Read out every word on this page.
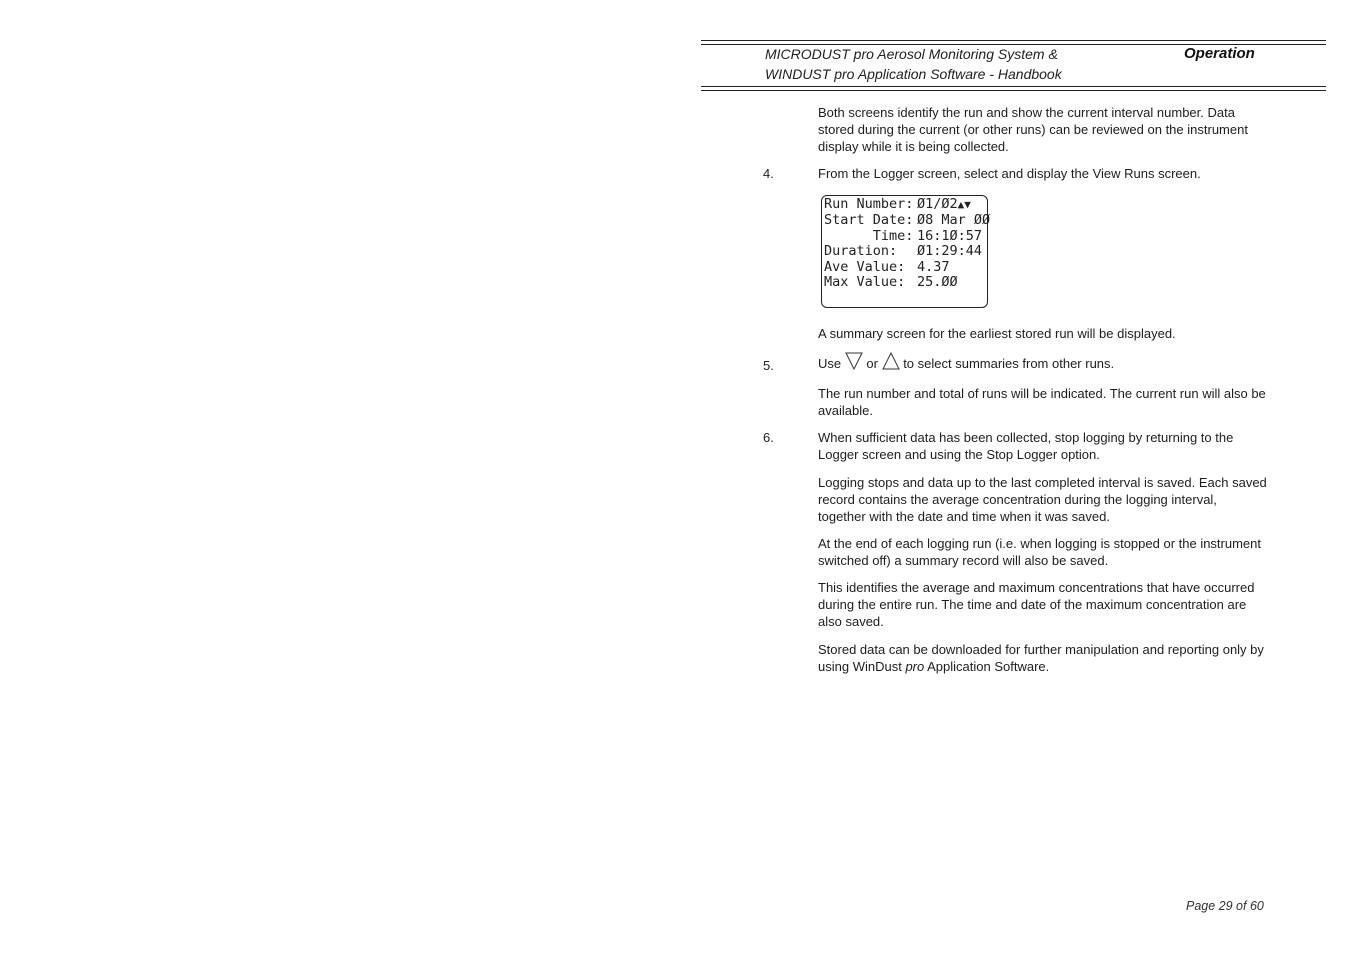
MICRODUST pro Aerosol Monitoring System &
WINDUST pro Application Software - Handbook
Operation

Both screens identify the run and show the current interval number. Data stored during the current (or other runs) can be reviewed on the instrument display while it is being collected.

4.	From the Logger screen, select and display the View Runs screen.

Run Number: Ø1/Ø2▲▼
Start Date: Ø8 Mar ØØ
Time: 16:1Ø:57
Duration: Ø1:29:44
Ave Value: 4.37
Max Value: 25.ØØ

A summary screen for the earliest stored run will be displayed.

5.	Use or to select summaries from other runs.

The run number and total of runs will be indicated. The current run will also be available.

6.	When sufficient data has been collected, stop logging by returning to the Logger screen and using the Stop Logger option.

Logging stops and data up to the last completed interval is saved. Each saved record contains the average concentration during the logging interval, together with the date and time when it was saved.

At the end of each logging run (i.e. when logging is stopped or the instrument switched off) a summary record will also be saved.

This identifies the average and maximum concentrations that have occurred during the entire run. The time and date of the maximum concentration are also saved.

Stored data can be downloaded for further manipulation and reporting only by using WinDust pro Application Software.

Page 29 of 60
